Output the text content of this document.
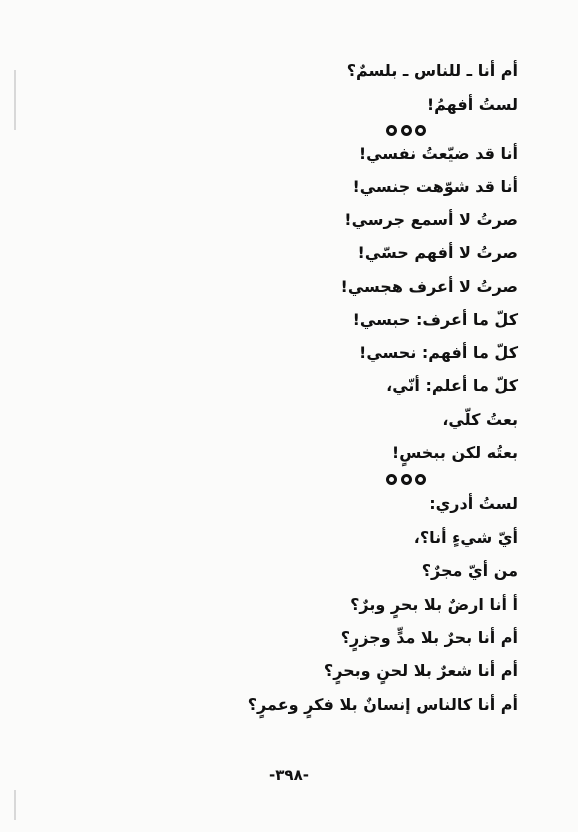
أم أنا ـ للناس ـ بلسمٌ؟
لستُ أفهمُ!
أنا قد ضيّعتُ نفسي!
أنا قد شوّهت جنسي!
صرتُ لا أسمع جرسي!
صرتُ لا أفهم حسّي!
صرتُ لا أعرف هجسي!
كلّ ما أعرف: حبسي!
كلّ ما أفهم: نحسي!
كلّ ما أعلم: أنّي،
بعتُ كلّي،
بعتُه لكن ببخسٍ!
لستُ أدري:
أيّ شيءٍ أنا؟،
من أيّ مجرٌ؟
أ أنا ارضٌ بلا بحرٍ وبرٌ؟
أم أنا بحرٌ بلا مدٍّ وجزرٍ؟
أم أنا شعرٌ بلا لحنٍ وبحرٍ؟
أم أنا كالناس إنسانٌ بلا فكرٍ وعمرٍ؟
-٣٩٨-
